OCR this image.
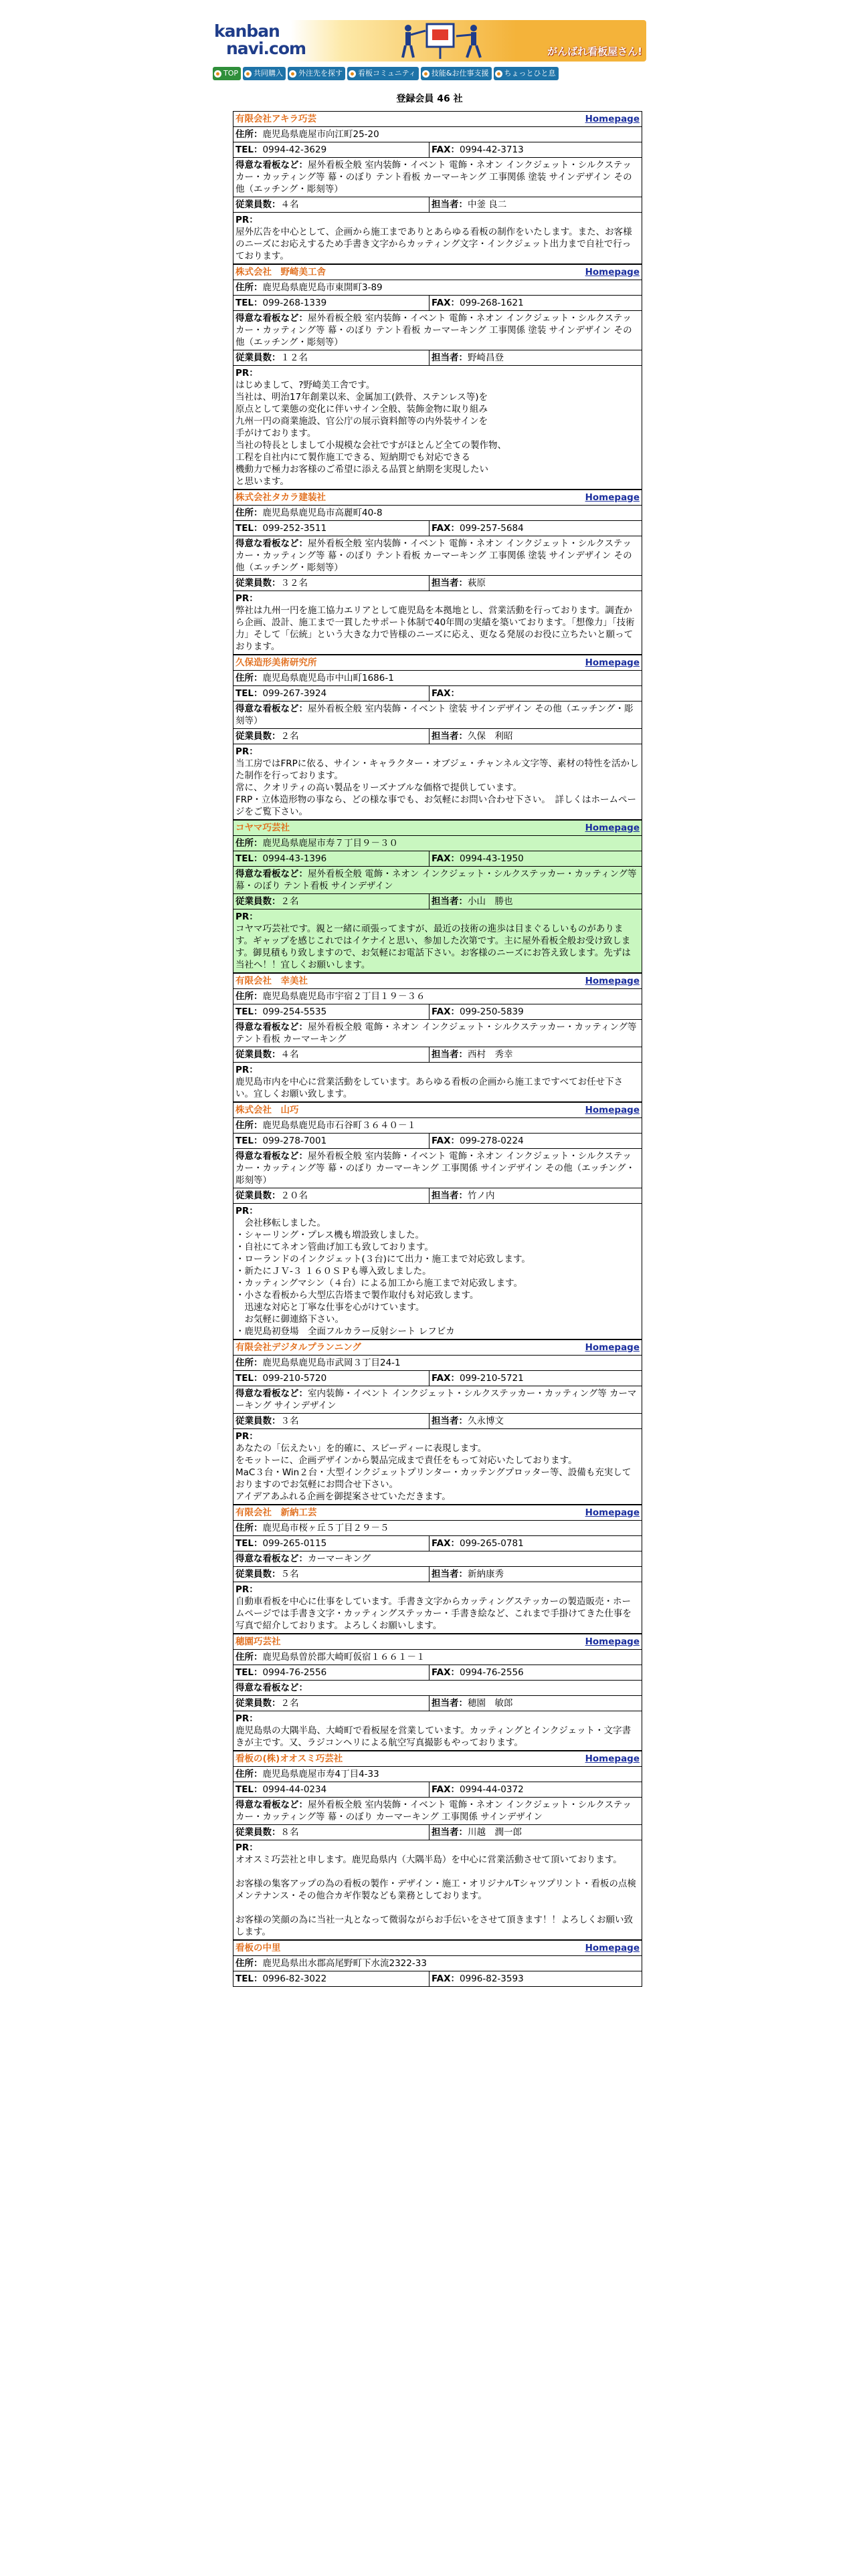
kanban
navi.com	がんばれ看板屋さん!
TOP 共同購入 外注先を探す 看板コミュニティ 技能&お仕事支援 ちょっとひと息
登録会員 46 社
有限会社アキラ巧芸	Homepage
住所：鹿児島県鹿屋市向江町25-20
TEL：0994-42-3629	FAX：0994-42-3713
得意な看板など：屋外看板全般 室内装飾・イベント 電飾・ネオン インクジェット・シルクステッカー・カッティング等 幕・のぼり テント看板 カーマーキング 工事関係 塗装 サインデザイン その他（エッチング・彫刻等）
従業員数：４名	担当者：中釜 良二
PR：
屋外広告を中心として、企画から施工までありとあらゆる看板の制作をいたします。また、お客様のニーズにお応えするため手書き文字からカッティング文字・インクジェット出力まで自社で行っております。
株式会社　野崎美工舎	Homepage
住所：鹿児島県鹿児島市東開町3-89
TEL：099-268-1339	FAX：099-268-1621
得意な看板など：屋外看板全般 室内装飾・イベント 電飾・ネオン インクジェット・シルクステッカー・カッティング等 幕・のぼり テント看板 カーマーキング 工事関係 塗装 サインデザイン その他（エッチング・彫刻等）
従業員数：１２名	担当者：野崎昌登
PR：
はじめまして、?野崎美工舎です。
当社は、明治17年創業以来、金属加工(鉄骨、ステンレス等)を
原点として業態の変化に伴いサイン全般、装飾金物に取り組み
九州一円の商業施設、官公庁の展示資料館等の内外装サインを
手がけております。
当社の特長としまして小規模な会社ですがほとんど全ての製作物、
工程を自社内にて製作施工できる、短納期でも対応できる
機動力で極力お客様のご希望に添える品質と納期を実現したい
と思います。
株式会社タカラ建装社	Homepage
住所：鹿児島県鹿児島市高麗町40-8
TEL：099-252-3511	FAX：099-257-5684
得意な看板など：屋外看板全般 室内装飾・イベント 電飾・ネオン インクジェット・シルクステッカー・カッティング等 幕・のぼり テント看板 カーマーキング 工事関係 塗装 サインデザイン その他（エッチング・彫刻等）
従業員数：３２名	担当者：萩原
PR：
弊社は九州一円を施工協力エリアとして鹿児島を本拠地とし、営業活動を行っております。調査から企画、設計、施工まで一貫したサポート体制で40年間の実績を築いております。「想像力」「技術力」そして「伝統」という大きな力で皆様のニーズに応え、更なる発展のお役に立ちたいと願っております。
久保造形美術研究所	Homepage
住所：鹿児島県鹿児島市中山町1686-1
TEL：099-267-3924	FAX：
得意な看板など：屋外看板全般 室内装飾・イベント 塗装 サインデザイン その他（エッチング・彫刻等）
従業員数：２名	担当者：久保　利昭
PR：
当工房ではFRPに依る、サイン・キャラクター・オブジェ・チャンネル文字等、素材の特性を活かした制作を行っております。
常に、クオリティの高い製品をリーズナブルな価格で提供しています。
FRP・立体造形物の事なら、どの様な事でも、お気軽にお問い合わせ下さい。　詳しくはホームページをご覧下さい。
コヤマ巧芸社	Homepage
住所：鹿児島県鹿屋市寿７丁目９－３０
TEL：0994-43-1396	FAX：0994-43-1950
得意な看板など：屋外看板全般 電飾・ネオン インクジェット・シルクステッカー・カッティング等 幕・のぼり テント看板 サインデザイン
従業員数：２名	担当者：小山　勝也
PR：
コヤマ巧芸社です。親と一緒に頑張ってますが、最近の技術の進歩は目まぐるしいものがあります。ギャップを感じこれではイケナイと思い、参加した次第です。主に屋外看板全般お受け致します。御見積もり致しますので、お気軽にお電話下さい。お客様のニーズにお答え致します。先ずは当社へ！！宜しくお願いします。
有限会社　幸美社	Homepage
住所：鹿児島県鹿児島市宇宿２丁目１９－３６
TEL：099-254-5535	FAX：099-250-5839
得意な看板など：屋外看板全般 電飾・ネオン インクジェット・シルクステッカー・カッティング等 テント看板 カーマーキング
従業員数：４名	担当者：西村　秀幸
PR：
鹿児島市内を中心に営業活動をしています。あらゆる看板の企画から施工まですべてお任せ下さい。宜しくお願い致します。
株式会社　山巧	Homepage
住所：鹿児島県鹿児島市石谷町３６４０－１
TEL：099-278-7001	FAX：099-278-0224
得意な看板など：屋外看板全般 室内装飾・イベント 電飾・ネオン インクジェット・シルクステッカー・カッティング等 幕・のぼり カーマーキング 工事関係 サインデザイン その他（エッチング・彫刻等）
従業員数：２０名	担当者：竹ノ内
PR：
　会社移転しました。
・シャーリング・プレス機も増設致しました。
・自社にてネオン管曲げ加工も致しております。
・ローランドのインクジェット(３台)にて出力・施工まで対応致します。
・新たにＪＶ-３ １６０ＳＰも導入致しました。
・カッティングマシン（４台）による加工から施工まで対応致します。
・小さな看板から大型広告塔まで製作取付も対応致します。
　迅速な対応と丁寧な仕事を心がけています。
　お気軽に御連絡下さい。
・鹿児島初登場　全面フルカラー反射シート レフビカ
有限会社デジタルプランニング	Homepage
住所：鹿児島県鹿児島市武岡３丁目24-1
TEL：099-210-5720	FAX：099-210-5721
得意な看板など：室内装飾・イベント インクジェット・シルクステッカー・カッティング等 カーマーキング サインデザイン
従業員数：３名	担当者：久永博文
PR：
あなたの「伝えたい」を的確に、スピーディーに表現します。
をモットーに、企画デザインから製品完成まで責任をもって対応いたしております。
MaC３台・Win２台・大型インクジェットプリンター・カッテングプロッター等、設備も充実しておりますのでお気軽にお問合せ下さい。
アイデアあふれる企画を御提案させていただきます。
有限会社　新納工芸	Homepage
住所：鹿児島市桜ヶ丘５丁目２９－５
TEL：099-265-0115	FAX：099-265-0781
得意な看板など：カーマーキング
従業員数：５名	担当者：新納康秀
PR：
自動車看板を中心に仕事をしています。手書き文字からカッティングステッカーの製造販売・ホームページでは手書き文字・カッティングステッカー・手書き絵など、これまで手掛けてきた仕事を写真で紹介しております。よろしくお願いします。
穂園巧芸社	Homepage
住所：鹿児島県曽於郡大崎町仮宿１６６１－１
TEL：0994-76-2556	FAX：0994-76-2556
得意な看板など：
従業員数：２名	担当者：穂園　敏郎
PR：
鹿児島県の大隅半島、大崎町で看板屋を営業しています。カッティングとインクジェット・文字書きが主です。又、ラジコンヘリによる航空写真撮影もやっております。
看板の(株)オオスミ巧芸社	Homepage
住所：鹿児島県鹿屋市寿4丁目4-33
TEL：0994-44-0234	FAX：0994-44-0372
得意な看板など：屋外看板全般 室内装飾・イベント 電飾・ネオン インクジェット・シルクステッカー・カッティング等 幕・のぼり カーマーキング 工事関係 サインデザイン
従業員数：８名	担当者：川越　潤一郎
PR：
オオスミ巧芸社と申します。鹿児島県内（大隅半島）を中心に営業活動させて頂いております。

お客様の集客アップの為の看板の製作・デザイン・施工・オリジナルTシャツプリント・看板の点検メンテナンス・その他合カギ作製なども業務としております。

お客様の笑顔の為に当社一丸となって微弱ながらお手伝いをさせて頂きます！！よろしくお願い致します。
看板の中里	Homepage
住所：鹿児島県出水郡高尾野町下水流2322-33
TEL：0996-82-3022	FAX：0996-82-3593
